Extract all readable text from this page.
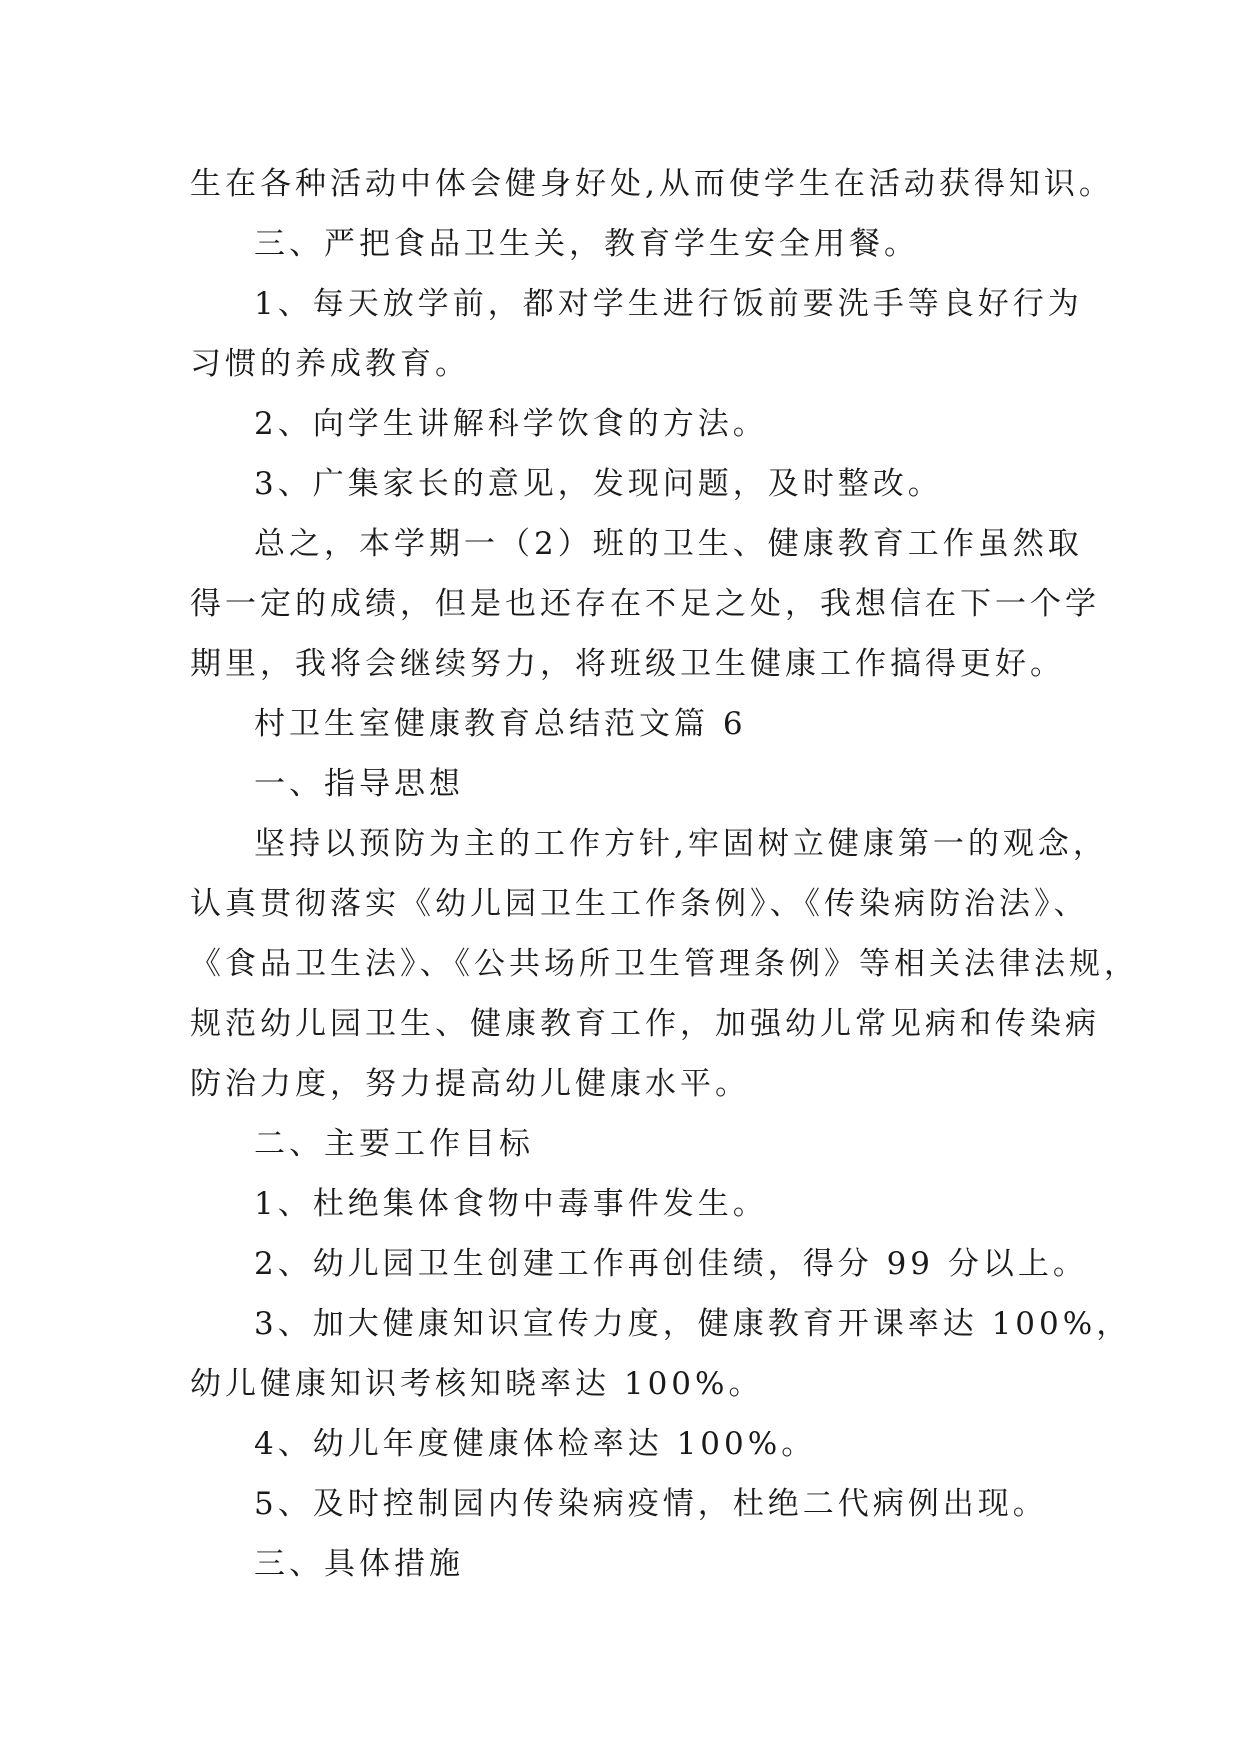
生在各种活动中体会健身好处,从而使学生在活动获得知识。
三、严把食品卫生关，教育学生安全用餐。
1、每天放学前，都对学生进行饭前要洗手等良好行为
习惯的养成教育。
2、向学生讲解科学饮食的方法。
3、广集家长的意见，发现问题，及时整改。
总之，本学期一（2）班的卫生、健康教育工作虽然取
得一定的成绩，但是也还存在不足之处，我想信在下一个学
期里，我将会继续努力，将班级卫生健康工作搞得更好。
村卫生室健康教育总结范文篇 6
一、指导思想
坚持以预防为主的工作方针,牢固树立健康第一的观念，
认真贯彻落实《幼儿园卫生工作条例》、《传染病防治法》、
《食品卫生法》、《公共场所卫生管理条例》等相关法律法规，
规范幼儿园卫生、健康教育工作，加强幼儿常见病和传染病
防治力度，努力提高幼儿健康水平。
二、主要工作目标
1、杜绝集体食物中毒事件发生。
2、幼儿园卫生创建工作再创佳绩，得分 99 分以上。
3、加大健康知识宣传力度，健康教育开课率达 100%，
幼儿健康知识考核知晓率达 100%。
4、幼儿年度健康体检率达 100%。
5、及时控制园内传染病疫情，杜绝二代病例出现。
三、具体措施
